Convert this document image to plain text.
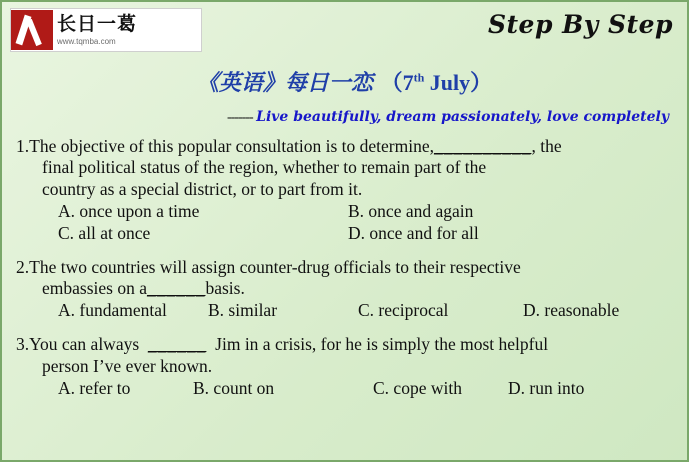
长日一葛
www.tqmba.com
Step By Step
《英语》每日一恋 （7th July）
------- Live beautifully, dream passionately, love completely
1.The objective of this popular consultation is to determine,__________, the
final political status of the region, whether to remain part of the
country as a special district, or to part from it.
A. once upon a time	B. once and again
C. all at once	D. once and for all
2.The two countries will assign counter-drug officials to their respective
embassies on a______basis.
A. fundamental	B. similar	C. reciprocal	D. reasonable
3.You can always ______ Jim in a crisis, for he is simply the most helpful
person I’ve ever known.
A. refer to	B. count on	C. cope with	D. run into
